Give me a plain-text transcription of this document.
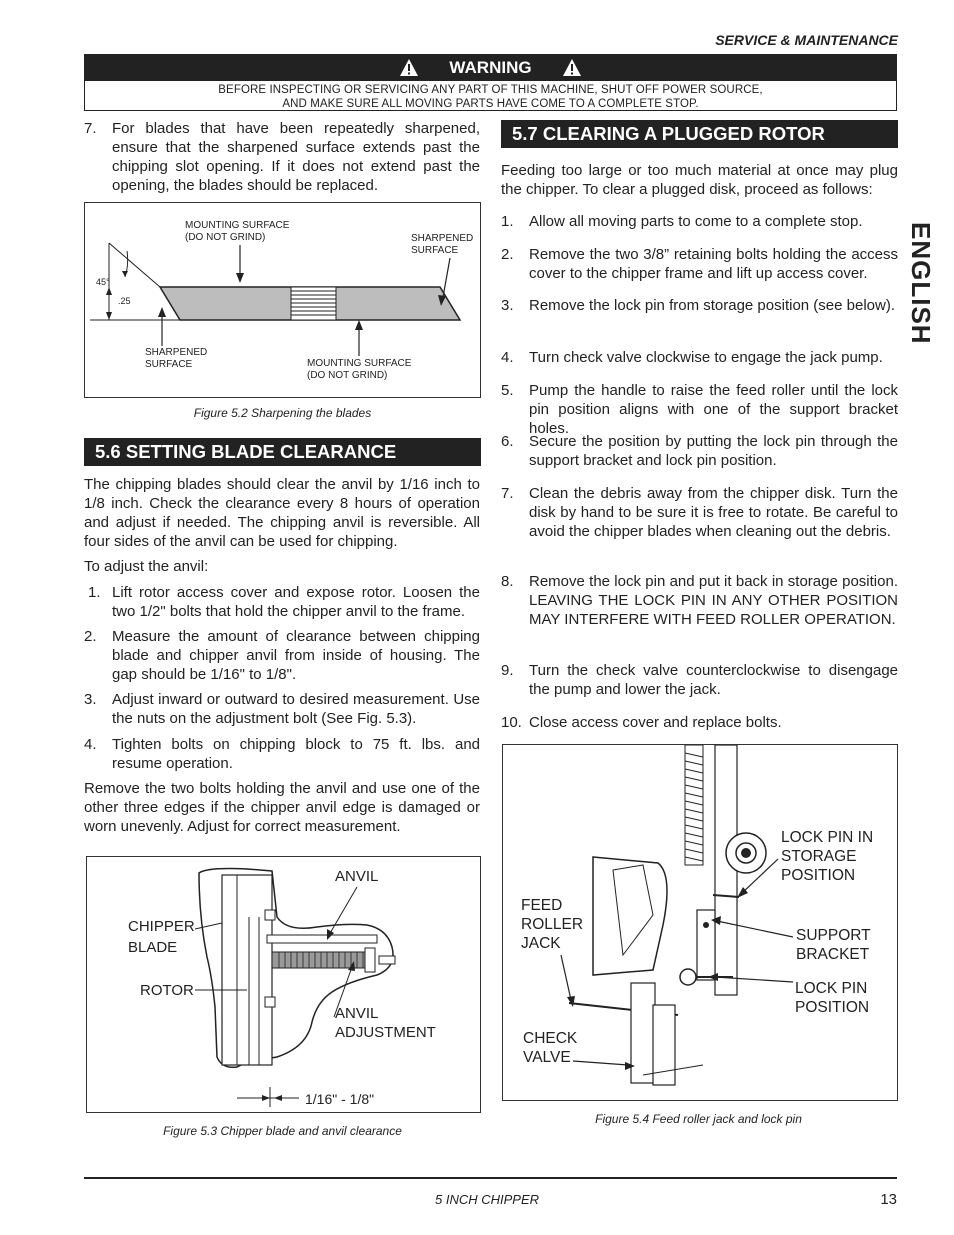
SERVICE & MAINTENANCE
WARNING
BEFORE INSPECTING OR SERVICING ANY PART OF THIS MACHINE, SHUT OFF POWER SOURCE,
AND MAKE SURE ALL MOVING PARTS HAVE COME TO A COMPLETE STOP.
ENGLISH
7.	For blades that have been repeatedly sharpened, ensure that the sharpened surface extends past the chipping slot opening. If it does not extend past the opening, the blades should be replaced.
MOUNTING SURFACE
(DO NOT GRIND)	SHARPENED
SURFACE
45°
.25
SHARPENED
SURFACE	MOUNTING SURFACE
(DO NOT GRIND)
Figure 5.2 Sharpening the blades
5.6 SETTING BLADE CLEARANCE
The chipping blades should clear the anvil by 1/16 inch to 1/8 inch. Check the clearance every 8 hours of operation and adjust if needed. The chipping anvil is reversible. All four sides of the anvil can be used for chipping.
To adjust the anvil:
1. Lift rotor access cover and expose rotor. Loosen the two 1/2" bolts that hold the chipper anvil to the frame.
2.	Measure the amount of clearance between chipping blade and chipper anvil from inside of housing. The gap should be 1/16" to 1/8".
3.	Adjust inward or outward to desired measurement. Use the nuts on the adjustment bolt (See Fig. 5.3).
4.	Tighten bolts on chipping block to 75 ft. lbs. and resume operation.
Remove the two bolts holding the anvil and use one of the other three edges if the chipper anvil edge is damaged or worn unevenly. Adjust for correct measurement.
ANVIL
CHIPPER
BLADE
ROTOR
ANVIL
ADJUSTMENT
1/16" - 1/8"
Figure 5.3 Chipper blade and anvil clearance
5.7 CLEARING A PLUGGED ROTOR
Feeding too large or too much material at once may plug the chipper. To clear a plugged disk, proceed as follows:
1.	Allow all moving parts to come to a complete stop.
2.	Remove the two 3/8” retaining bolts holding the access cover to the chipper frame and lift up access cover.
3.	Remove the lock pin from storage position (see below).
4.	Turn check valve clockwise to engage the jack pump.
5.	Pump the handle to raise the feed roller until the lock pin position aligns with one of the support bracket holes.
6.	Secure the position by putting the lock pin through the support bracket and lock pin position.
7.	Clean the debris away from the chipper disk. Turn the disk by hand to be sure it is free to rotate. Be careful to avoid the chipper blades when cleaning out the debris.
8.	Remove the lock pin and put it back in storage position. LEAVING THE LOCK PIN IN ANY OTHER POSITION MAY INTERFERE WITH FEED ROLLER OPERATION.
9.	Turn the check valve counterclockwise to disengage the pump and lower the jack.
10. Close access cover and replace bolts.
LOCK PIN IN
STORAGE
POSITION
FEED
ROLLER
JACK	SUPPORT
BRACKET
LOCK PIN
POSITION
CHECK
VALVE
Figure 5.4 Feed roller jack and lock pin
5 INCH CHIPPER	13
